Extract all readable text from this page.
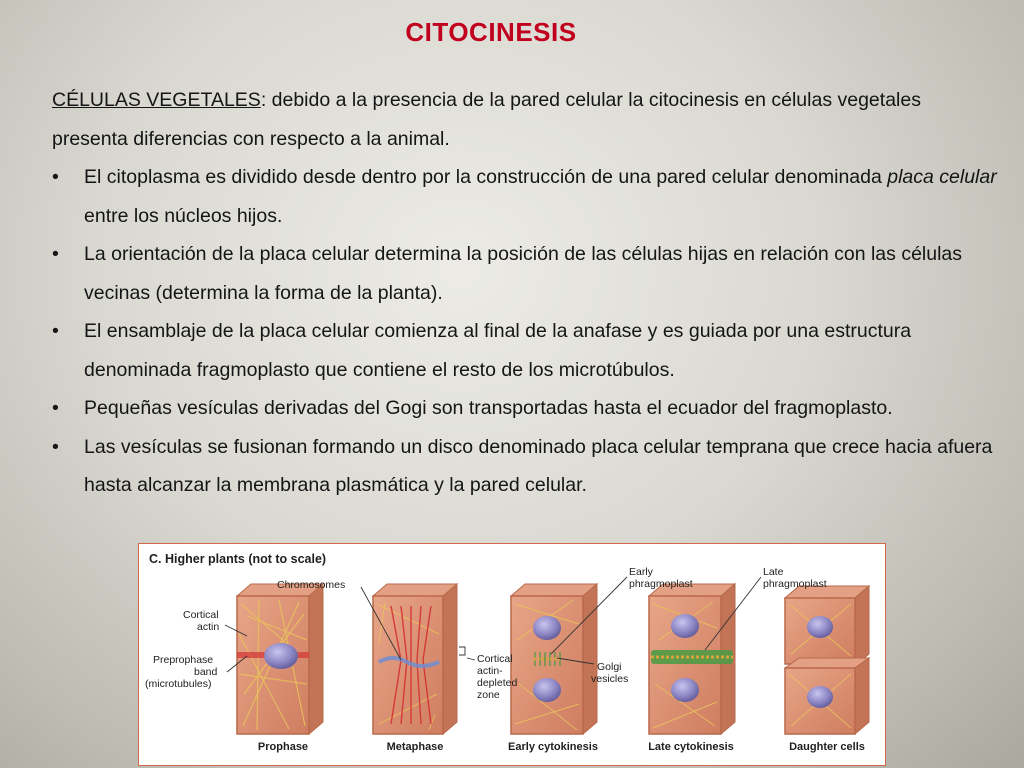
CITOCINESIS

CÉLULAS VEGETALES: debido a la presencia de la pared celular la citocinesis en células vegetales presenta diferencias con respecto a la animal.

• El citoplasma es dividido desde dentro por la construcción de una pared celular denominada placa celular entre los núcleos hijos.
• La orientación de la placa celular determina la posición de las células hijas en relación con las células vecinas (determina la forma de la planta).
• El ensamblaje de la placa celular comienza al final de la anafase y es guiada por una estructura denominada fragmoplasto que contiene el resto de los microtúbulos.
• Pequeñas vesículas derivadas del Gogi son transportadas hasta el ecuador del fragmoplasto.
• Las vesículas se fusionan formando un disco denominado placa celular temprana que crece hacia afuera hasta alcanzar la membrana plasmática y la pared celular.
C. Higher plants (not to scale)
Chromosomes
Early phragmoplast
Late phragmoplast
Cortical actin
Preprophase band (microtubules)
Cortical actin- depleted zone
Golgi vesicles
Prophase	Metaphase	Early cytokinesis	Late cytokinesis	Daughter cells
